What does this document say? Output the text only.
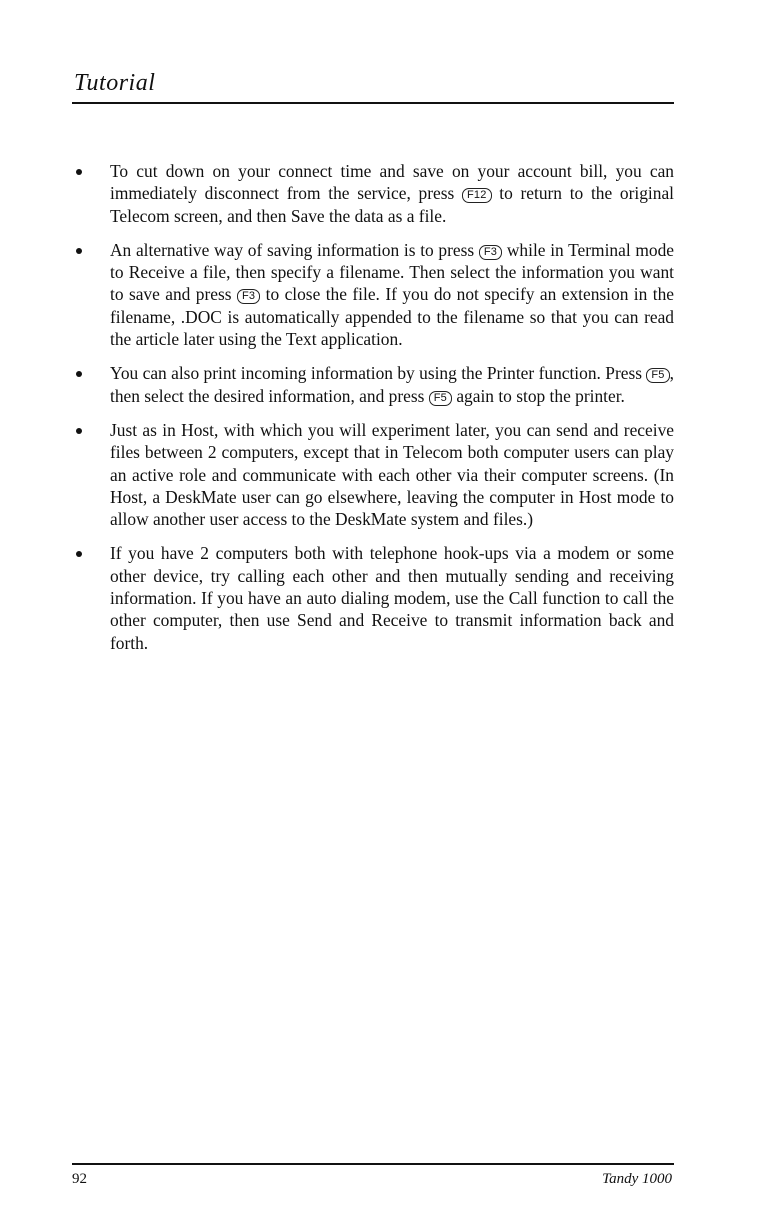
Tutorial
To cut down on your connect time and save on your account bill, you can immediately disconnect from the service, press F12 to return to the original Telecom screen, and then Save the data as a file.
An alternative way of saving information is to press F3 while in Terminal mode to Receive a file, then specify a filename. Then select the information you want to save and press F3 to close the file. If you do not specify an extension in the filename, .DOC is automatically appended to the filename so that you can read the article later using the Text application.
You can also print incoming information by using the Printer function. Press F5 , then select the desired information, and press F5 again to stop the printer.
Just as in Host, with which you will experiment later, you can send and receive files between 2 computers, except that in Telecom both computer users can play an active role and communicate with each other via their computer screens. (In Host, a DeskMate user can go elsewhere, leaving the computer in Host mode to allow another user access to the DeskMate system and files.)
If you have 2 computers both with telephone hook-ups via a modem or some other device, try calling each other and then mutually sending and receiving information. If you have an auto dialing modem, use the Call function to call the other computer, then use Send and Receive to transmit information back and forth.
92	Tandy 1000
